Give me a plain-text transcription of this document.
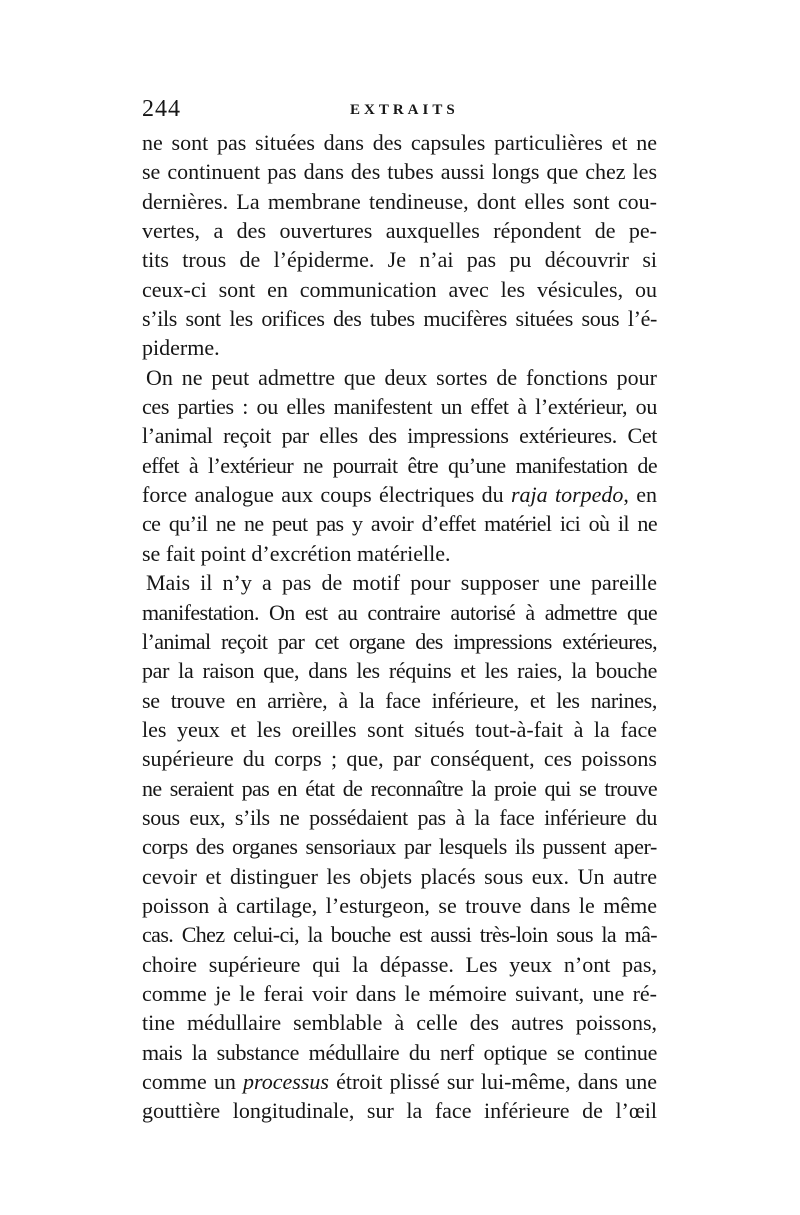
244	EXTRAITS
ne sont pas situées dans des capsules particulières et ne
se continuent pas dans des tubes aussi longs que chez les
dernières. La membrane tendineuse, dont elles sont cou-
vertes, a des ouvertures auxquelles répondent de pe-
tits trous de l’épiderme. Je n’ai pas pu découvrir si
ceux-ci sont en communication avec les vésicules, ou
s’ils sont les orifices des tubes mucifères situées sous l’é-
piderme.
On ne peut admettre que deux sortes de fonctions pour
ces parties : ou elles manifestent un effet à l’extérieur, ou
l’animal reçoit par elles des impressions extérieures. Cet
effet à l’extérieur ne pourrait être qu’une manifestation de
force analogue aux coups électriques du raja torpedo, en
ce qu’il ne ne peut pas y avoir d’effet matériel ici où il ne
se fait point d’excrétion matérielle.
Mais il n’y a pas de motif pour supposer une pareille
manifestation. On est au contraire autorisé à admettre que
l’animal reçoit par cet organe des impressions extérieures,
par la raison que, dans les réquins et les raies, la bouche
se trouve en arrière, à la face inférieure, et les narines,
les yeux et les oreilles sont situés tout-à-fait à la face
supérieure du corps ; que, par conséquent, ces poissons
ne seraient pas en état de reconnaître la proie qui se trouve
sous eux, s’ils ne possédaient pas à la face inférieure du
corps des organes sensoriaux par lesquels ils pussent aper-
cevoir et distinguer les objets placés sous eux. Un autre
poisson à cartilage, l’esturgeon, se trouve dans le même
cas. Chez celui-ci, la bouche est aussi très-loin sous la mâ-
choire supérieure qui la dépasse. Les yeux n’ont pas,
comme je le ferai voir dans le mémoire suivant, une ré-
tine médullaire semblable à celle des autres poissons,
mais la substance médullaire du nerf optique se continue
comme un processus étroit plissé sur lui-même, dans une
gouttière longitudinale, sur la face inférieure de l’œil
